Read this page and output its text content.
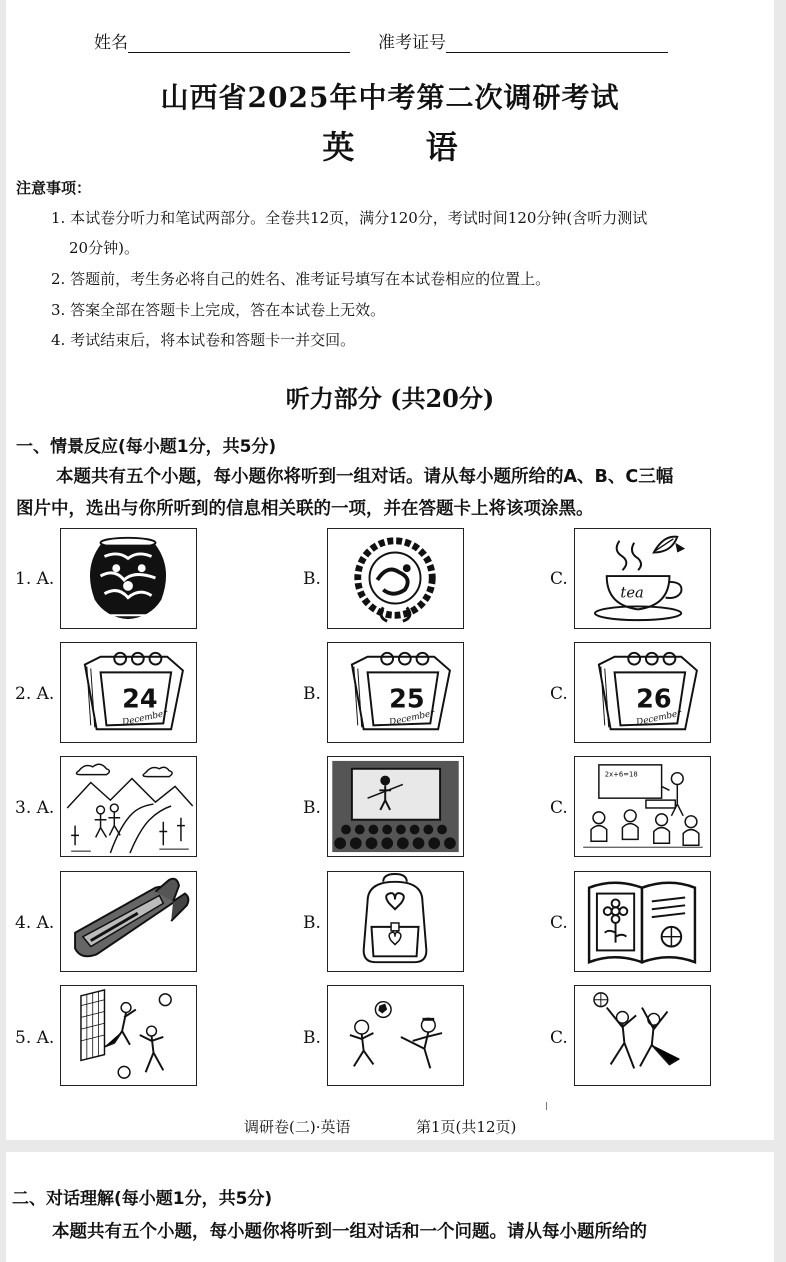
姓名	准考证号
山西省2025年中考第二次调研考试
英 语
注意事项：
1. 本试卷分听力和笔试两部分。全卷共12页，满分120分，考试时间120分钟(含听力测试
20分钟)。
2. 答题前，考生务必将自己的姓名、准考证号填写在本试卷相应的位置上。
3. 答案全部在答题卡上完成，答在本试卷上无效。
4. 考试结束后，将本试卷和答题卡一并交回。
听力部分 (共20分)
一、情景反应(每小题1分，共5分)
本题共有五个小题，每小题你将听到一组对话。请从每小题所给的A、B、C三幅
图片中，选出与你所听到的信息相关联的一项，并在答题卡上将该项涂黑。
1. A.	B.	C.
tea
2. A.	B.	C.
24
December
25
December
26
December
3. A.	B.	C.
2x+6=18
4. A.	B.	C.
5. A.	B.	C.
调研卷(二)·英语	第1页(共12页)
二、对话理解(每小题1分，共5分)
本题共有五个小题，每小题你将听到一组对话和一个问题。请从每小题所给的
